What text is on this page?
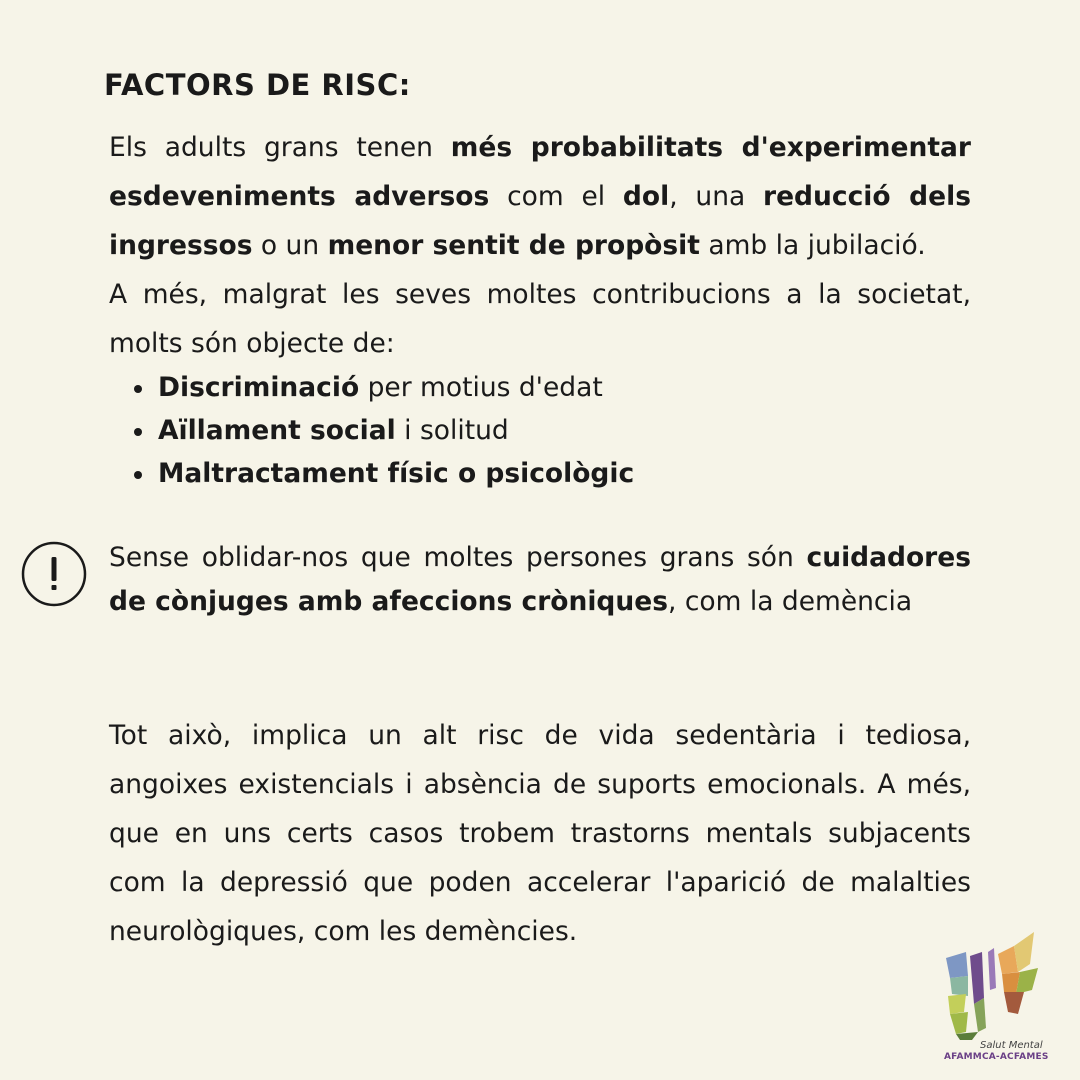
FACTORS DE RISC:

Els adults grans tenen més probabilitats d'experimentar esdeveniments adversos com el dol, una reducció dels ingressos o un menor sentit de propòsit amb la jubilació.
A més, malgrat les seves moltes contribucions a la societat, molts són objecte de:

Discriminació per motius d'edat
Aïllament social i solitud
Maltractament físic o psicològic

Sense oblidar-nos que moltes persones grans són cuidadores de cònjuges amb afeccions cròniques, com la demència

Tot això, implica un alt risc de vida sedentària i tediosa, angoixes existencials i absència de suports emocionals. A més, que en uns certs casos trobem trastorns mentals subjacents com la depressió que poden accelerar l'aparició de malalties neurològiques, com les demències.

Salut Mental
AFAMMCA-ACFAMES
